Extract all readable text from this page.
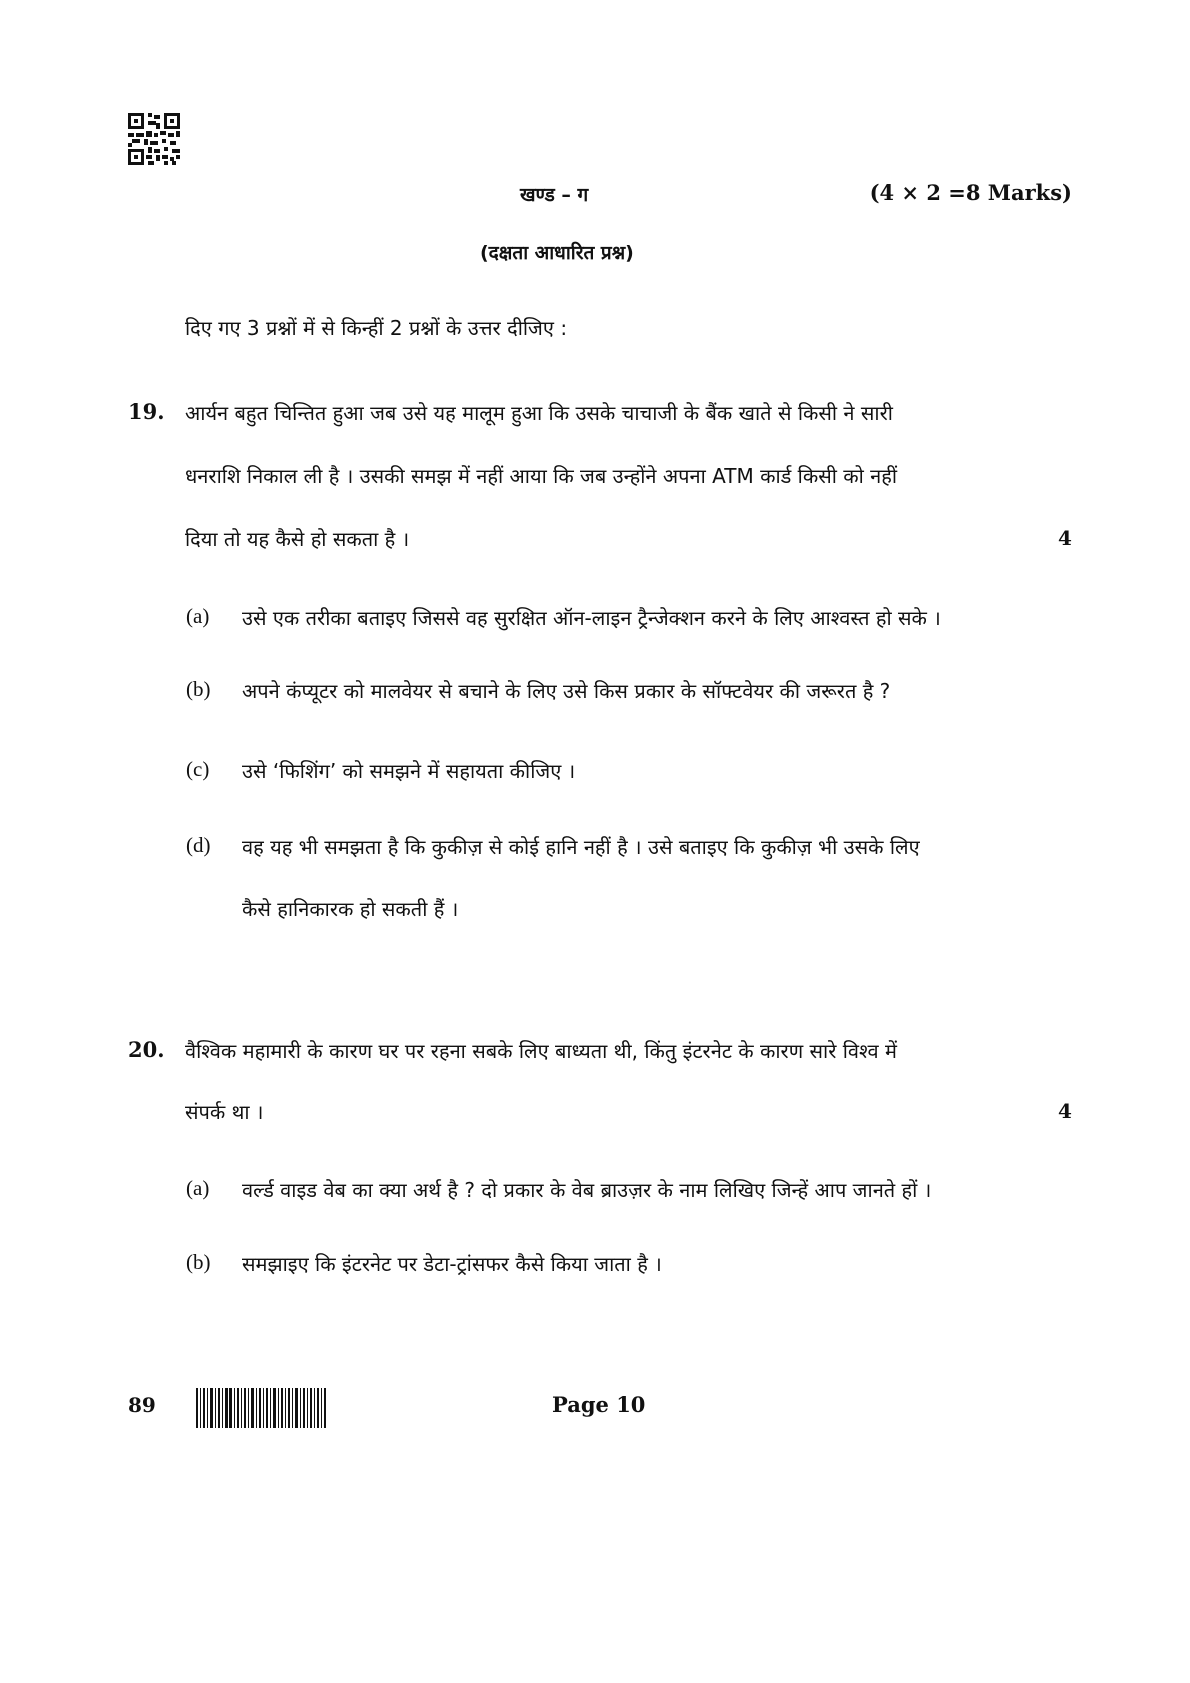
खण्ड – ग	(4 × 2 =8 Marks)
(दक्षता आधारित प्रश्न)
दिए गए 3 प्रश्नों में से किन्हीं 2 प्रश्नों के उत्तर दीजिए :
19. आर्यन बहुत चिन्तित हुआ जब उसे यह मालूम हुआ कि उसके चाचाजी के बैंक खाते से किसी ने सारी
धनराशि निकाल ली है । उसकी समझ में नहीं आया कि जब उन्होंने अपना ATM कार्ड किसी को नहीं
दिया तो यह कैसे हो सकता है ।	4
(a) उसे एक तरीका बताइए जिससे वह सुरक्षित ऑन-लाइन ट्रैन्जेक्शन करने के लिए आश्वस्त हो सके ।
(b) अपने कंप्यूटर को मालवेयर से बचाने के लिए उसे किस प्रकार के सॉफ्टवेयर की जरूरत है ?
(c) उसे ‘फिशिंग’ को समझने में सहायता कीजिए ।
(d) वह यह भी समझता है कि कुकीज़ से कोई हानि नहीं है । उसे बताइए कि कुकीज़ भी उसके लिए
कैसे हानिकारक हो सकती हैं ।
20. वैश्विक महामारी के कारण घर पर रहना सबके लिए बाध्यता थी, किंतु इंटरनेट के कारण सारे विश्व में
संपर्क था ।	4
(a) वर्ल्ड वाइड वेब का क्या अर्थ है ? दो प्रकार के वेब ब्राउज़र के नाम लिखिए जिन्हें आप जानते हों ।
(b) समझाइए कि इंटरनेट पर डेटा-ट्रांसफर कैसे किया जाता है ।
89	Page 10
